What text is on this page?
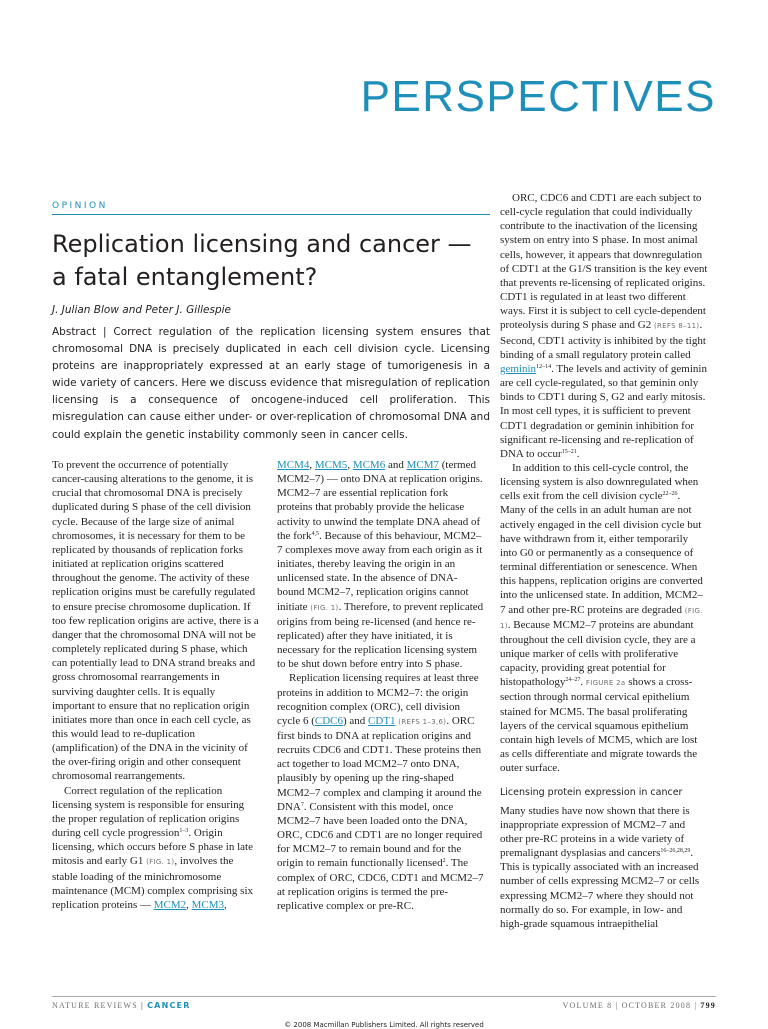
PERSPECTIVES
OPINION
Replication licensing and cancer — a fatal entanglement?
J. Julian Blow and Peter J. Gillespie

Abstract | Correct regulation of the replication licensing system ensures that chromosomal DNA is precisely duplicated in each cell division cycle. Licensing proteins are inappropriately expressed at an early stage of tumorigenesis in a wide variety of cancers. Here we discuss evidence that misregulation of replication licensing is a consequence of oncogene-induced cell proliferation. This misregulation can cause either under- or over-replication of chromosomal DNA and could explain the genetic instability commonly seen in cancer cells.

To prevent the occurrence of potentially cancer-causing alterations to the genome, it is crucial that chromosomal DNA is precisely duplicated during S phase of the cell division cycle. Because of the large size of animal chromosomes, it is necessary for them to be replicated by thousands of replication forks initiated at replication origins scattered throughout the genome. The activity of these replication origins must be carefully regulated to ensure precise chromosome duplication. If too few replication origins are active, there is a danger that the chromosomal DNA will not be completely replicated during S phase, which can potentially lead to DNA strand breaks and gross chromosomal rearrangements in surviving daughter cells. It is equally important to ensure that no replication origin initiates more than once in each cell cycle, as this would lead to re-duplication (amplification) of the DNA in the vicinity of the over-firing origin and other consequent chromosomal rearrangements.

Correct regulation of the replication licensing system is responsible for ensuring the proper regulation of replication origins during cell cycle progression$^{1-3}$. Origin licensing, which occurs before S phase in late mitosis and early G1 (FIG. 1), involves the stable loading of the minichromosome maintenance (MCM) complex comprising six replication proteins — MCM2, MCM3,

MCM4, MCM5, MCM6 and MCM7 (termed MCM2–7) — onto DNA at replication origins. MCM2–7 are essential replication fork proteins that probably provide the helicase activity to unwind the template DNA ahead of the fork$^{4,5}$. Because of this behaviour, MCM2–7 complexes move away from each origin as it initiates, thereby leaving the origin in an unlicensed state. In the absence of DNA-bound MCM2–7, replication origins cannot initiate (FIG. 1). Therefore, to prevent replicated origins from being re-licensed (and hence re-replicated) after they have initiated, it is necessary for the replication licensing system to be shut down before entry into S phase.

Replication licensing requires at least three proteins in addition to MCM2–7: the origin recognition complex (ORC), cell division cycle 6 (CDC6) and CDT1 (REFS 1–3,6). ORC first binds to DNA at replication origins and recruits CDC6 and CDT1. These proteins then act together to load MCM2–7 onto DNA, plausibly by opening up the ring-shaped MCM2–7 complex and clamping it around the DNA$^7$. Consistent with this model, once MCM2–7 have been loaded onto the DNA, ORC, CDC6 and CDT1 are no longer required for MCM2–7 to remain bound and for the origin to remain functionally licensed$^2$. The complex of ORC, CDC6, CDT1 and MCM2–7 at replication origins is termed the pre-replicative complex or pre-RC.

ORC, CDC6 and CDT1 are each subject to cell-cycle regulation that could individually contribute to the inactivation of the licensing system on entry into S phase. In most animal cells, however, it appears that downregulation of CDT1 at the G1/S transition is the key event that prevents re-licensing of replicated origins. CDT1 is regulated in at least two different ways. First it is subject to cell cycle-dependent proteolysis during S phase and G2 (REFS 8–11). Second, CDT1 activity is inhibited by the tight binding of a small regulatory protein called geminin$^{12-14}$. The levels and activity of geminin are cell cycle-regulated, so that geminin only binds to CDT1 during S, G2 and early mitosis. In most cell types, it is sufficient to prevent CDT1 degradation or geminin inhibition for significant re-licensing and re-replication of DNA to occur$^{15-21}$.

In addition to this cell-cycle control, the licensing system is also downregulated when cells exit from the cell division cycle$^{22-26}$. Many of the cells in an adult human are not actively engaged in the cell division cycle but have withdrawn from it, either temporarily into G0 or permanently as a consequence of terminal differentiation or senescence. When this happens, replication origins are converted into the unlicensed state. In addition, MCM2–7 and other pre-RC proteins are degraded (FIG. 1). Because MCM2–7 proteins are abundant throughout the cell division cycle, they are a unique marker of cells with proliferative capacity, providing great potential for histopathology$^{24-27}$. FIGURE 2a shows a cross-section through normal cervical epithelium stained for MCM5. The basal proliferating layers of the cervical squamous epithelium contain high levels of MCM5, which are lost as cells differentiate and migrate towards the outer surface.

Licensing protein expression in cancer

Many studies have now shown that there is inappropriate expression of MCM2–7 and other pre-RC proteins in a wide variety of premalignant dysplasias and cancers$^{16-26,28,29}$. This is typically associated with an increased number of cells expressing MCM2–7 or cells expressing MCM2–7 where they should not normally do so. For example, in low- and high-grade squamous intraepithelial

NATURE REVIEWS | CANCER	VOLUME 8 | OCTOBER 2008 | 799
© 2008 Macmillan Publishers Limited. All rights reserved
